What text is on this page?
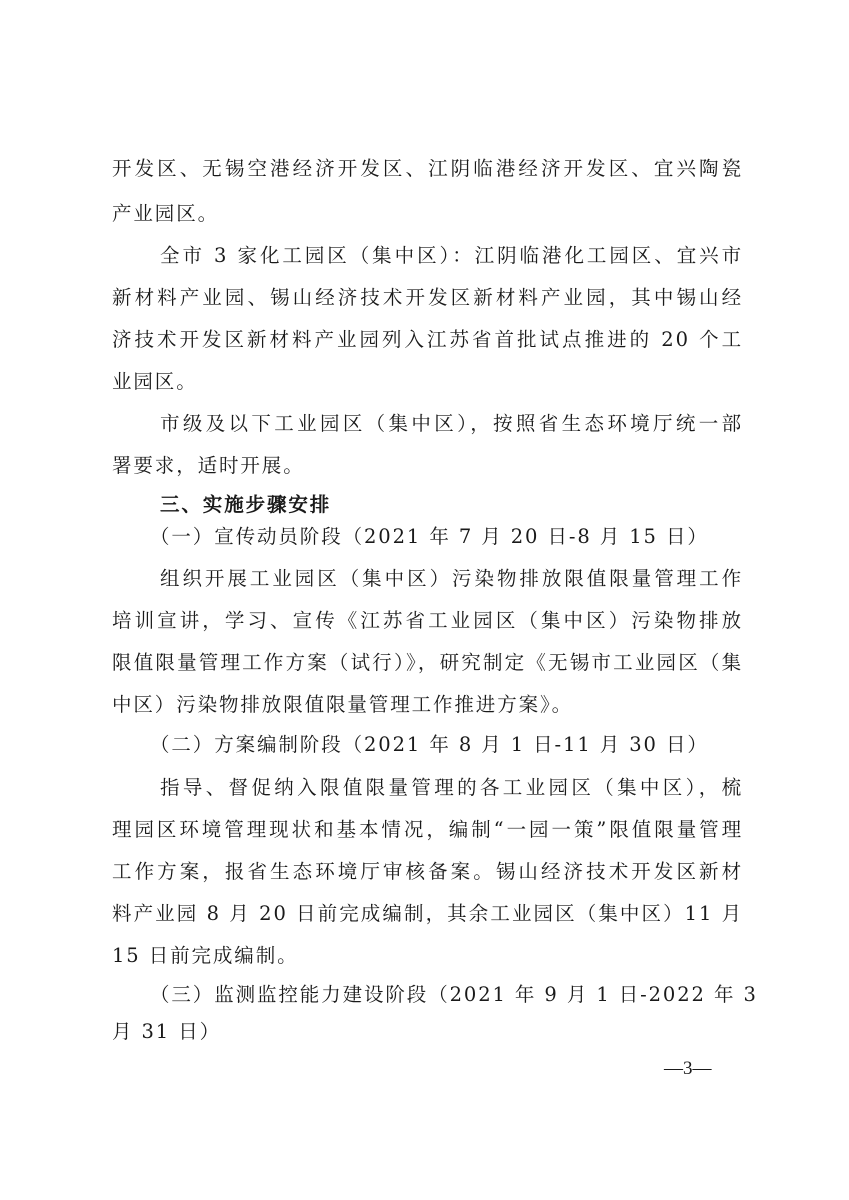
开发区、无锡空港经济开发区、江阴临港经济开发区、宜兴陶瓷
产业园区。
全市 3 家化工园区（集中区）：江阴临港化工园区、宜兴市
新材料产业园、锡山经济技术开发区新材料产业园，其中锡山经
济技术开发区新材料产业园列入江苏省首批试点推进的 20 个工
业园区。
市级及以下工业园区（集中区），按照省生态环境厅统一部
署要求，适时开展。
三、实施步骤安排
（一）宣传动员阶段（2021 年 7 月 20 日-8 月 15 日）
组织开展工业园区（集中区）污染物排放限值限量管理工作
培训宣讲，学习、宣传《江苏省工业园区（集中区）污染物排放
限值限量管理工作方案（试行）》，研究制定《无锡市工业园区（集
中区）污染物排放限值限量管理工作推进方案》。
（二）方案编制阶段（2021 年 8 月 1 日-11 月 30 日）
指导、督促纳入限值限量管理的各工业园区（集中区），梳
理园区环境管理现状和基本情况，编制“一园一策”限值限量管理
工作方案，报省生态环境厅审核备案。锡山经济技术开发区新材
料产业园 8 月 20 日前完成编制，其余工业园区（集中区）11 月
15 日前完成编制。
（三）监测监控能力建设阶段（2021 年 9 月 1 日-2022 年 3
月 31 日）
—3—
